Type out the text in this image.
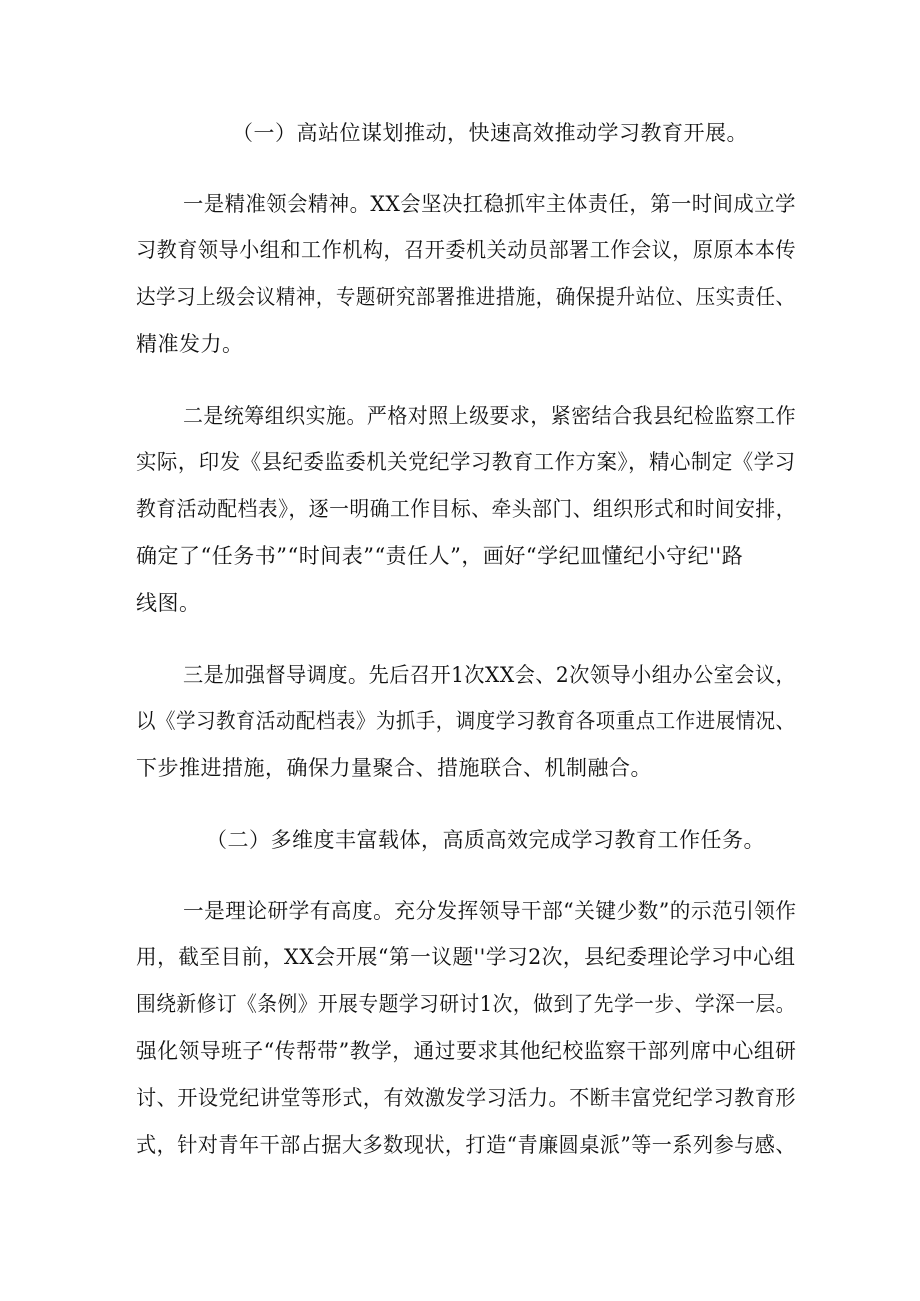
（一）高站位谋划推动，快速高效推动学习教育开展。
一是精准领会精神。XX会坚决扛稳抓牢主体责任，第一时间成立学
习教育领导小组和工作机构，召开委机关动员部署工作会议，原原本本传
达学习上级会议精神，专题研究部署推进措施，确保提升站位、压实责任、
精准发力。
二是统筹组织实施。严格对照上级要求，紧密结合我县纪检监察工作
实际，印发《县纪委监委机关党纪学习教育工作方案》，精心制定《学习
教育活动配档表》，逐一明确工作目标、牵头部门、组织形式和时间安排，
确定了“任务书”“时间表”“责任人”，画好“学纪皿懂纪小守纪''路
线图。
三是加强督导调度。先后召开1次XX会、2次领导小组办公室会议，
以《学习教育活动配档表》为抓手，调度学习教育各项重点工作进展情况、
下步推进措施，确保力量聚合、措施联合、机制融合。
（二）多维度丰富载体，高质高效完成学习教育工作任务。
一是理论研学有高度。充分发挥领导干部“关键少数”的示范引领作
用，截至目前，XX会开展“第一议题''学习2次，县纪委理论学习中心组
围绕新修订《条例》开展专题学习研讨1次，做到了先学一步、学深一层。
强化领导班子“传帮带”教学，通过要求其他纪校监察干部列席中心组研
讨、开设党纪讲堂等形式，有效激发学习活力。不断丰富党纪学习教育形
式，针对青年干部占据大多数现状，打造“青廉圆桌派”等一系列参与感、
